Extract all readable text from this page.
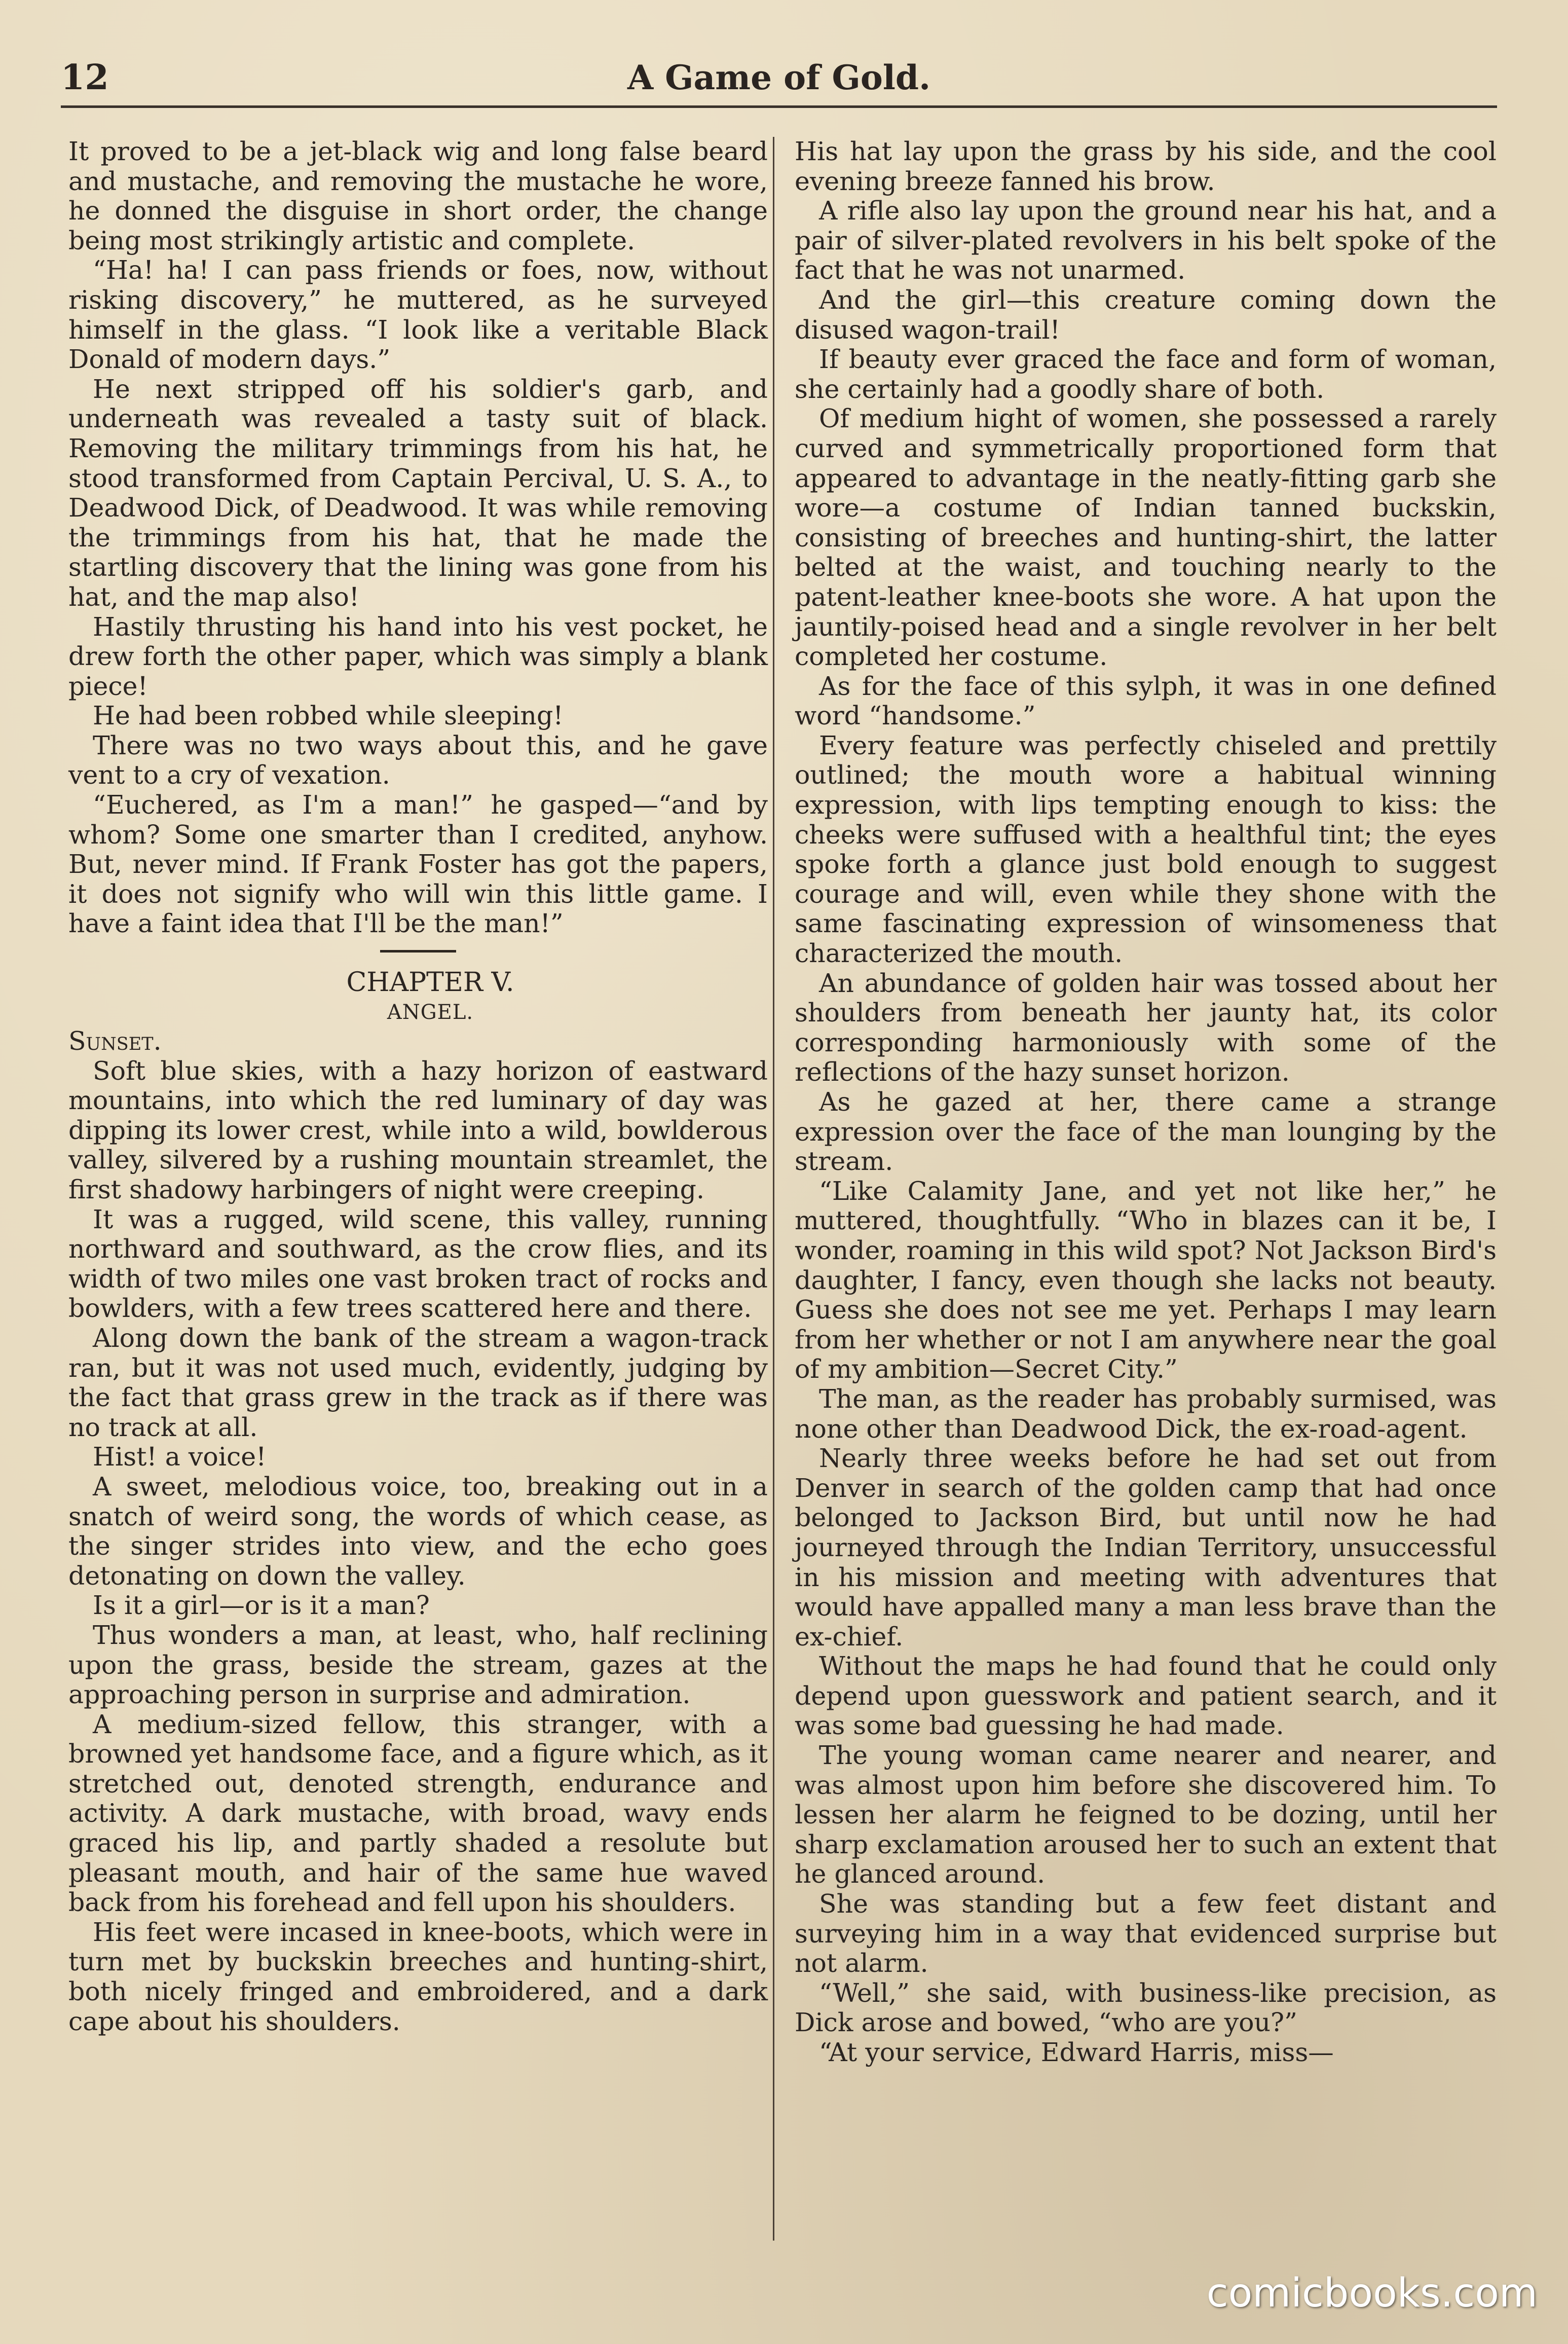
12	A Game of Gold.

It proved to be a jet-black wig and long false beard and mustache, and removing the mustache he wore, he donned the disguise in short order, the change being most strikingly artistic and complete.

“Ha! ha! I can pass friends or foes, now, without risking discovery,” he muttered, as he surveyed himself in the glass. “I look like a veritable Black Donald of modern days.”

He next stripped off his soldier's garb, and underneath was revealed a tasty suit of black. Removing the military trimmings from his hat, he stood transformed from Captain Percival, U. S. A., to Deadwood Dick, of Deadwood. It was while removing the trimmings from his hat, that he made the startling discovery that the lining was gone from his hat, and the map also!

Hastily thrusting his hand into his vest pocket, he drew forth the other paper, which was simply a blank piece!

He had been robbed while sleeping!

There was no two ways about this, and he gave vent to a cry of vexation.

“Euchered, as I'm a man!” he gasped—“and by whom? Some one smarter than I credited, anyhow. But, never mind. If Frank Foster has got the papers, it does not signify who will win this little game. I have a faint idea that I'll be the man!”

CHAPTER V.

ANGEL.

Sunset.

Soft blue skies, with a hazy horizon of eastward mountains, into which the red luminary of day was dipping its lower crest, while into a wild, bowlderous valley, silvered by a rushing mountain streamlet, the first shadowy harbingers of night were creeping.

It was a rugged, wild scene, this valley, running northward and southward, as the crow flies, and its width of two miles one vast broken tract of rocks and bowlders, with a few trees scattered here and there.

Along down the bank of the stream a wagon-track ran, but it was not used much, evidently, judging by the fact that grass grew in the track as if there was no track at all.

Hist! a voice!

A sweet, melodious voice, too, breaking out in a snatch of weird song, the words of which cease, as the singer strides into view, and the echo goes detonating on down the valley.

Is it a girl—or is it a man?

Thus wonders a man, at least, who, half reclining upon the grass, beside the stream, gazes at the approaching person in surprise and admiration.

A medium-sized fellow, this stranger, with a browned yet handsome face, and a figure which, as it stretched out, denoted strength, endurance and activity. A dark mustache, with broad, wavy ends graced his lip, and partly shaded a resolute but pleasant mouth, and hair of the same hue waved back from his forehead and fell upon his shoulders.

His feet were incased in knee-boots, which were in turn met by buckskin breeches and hunting-shirt, both nicely fringed and embroidered, and a dark cape about his shoulders.

His hat lay upon the grass by his side, and the cool evening breeze fanned his brow.

A rifle also lay upon the ground near his hat, and a pair of silver-plated revolvers in his belt spoke of the fact that he was not unarmed.

And the girl—this creature coming down the disused wagon-trail!

If beauty ever graced the face and form of woman, she certainly had a goodly share of both.

Of medium hight of women, she possessed a rarely curved and symmetrically proportioned form that appeared to advantage in the neatly-fitting garb she wore—a costume of Indian tanned buckskin, consisting of breeches and hunting-shirt, the latter belted at the waist, and touching nearly to the patent-leather knee-boots she wore. A hat upon the jauntily-poised head and a single revolver in her belt completed her costume.

As for the face of this sylph, it was in one defined word “handsome.”

Every feature was perfectly chiseled and prettily outlined; the mouth wore a habitual winning expression, with lips tempting enough to kiss: the cheeks were suffused with a healthful tint; the eyes spoke forth a glance just bold enough to suggest courage and will, even while they shone with the same fascinating expression of winsomeness that characterized the mouth.

An abundance of golden hair was tossed about her shoulders from beneath her jaunty hat, its color corresponding harmoniously with some of the reflections of the hazy sunset horizon.

As he gazed at her, there came a strange expression over the face of the man lounging by the stream.

“Like Calamity Jane, and yet not like her,” he muttered, thoughtfully. “Who in blazes can it be, I wonder, roaming in this wild spot? Not Jackson Bird's daughter, I fancy, even though she lacks not beauty. Guess she does not see me yet. Perhaps I may learn from her whether or not I am anywhere near the goal of my ambition—Secret City.”

The man, as the reader has probably surmised, was none other than Deadwood Dick, the ex-road-agent.

Nearly three weeks before he had set out from Denver in search of the golden camp that had once belonged to Jackson Bird, but until now he had journeyed through the Indian Territory, unsuccessful in his mission and meeting with adventures that would have appalled many a man less brave than the ex-chief.

Without the maps he had found that he could only depend upon guesswork and patient search, and it was some bad guessing he had made.

The young woman came nearer and nearer, and was almost upon him before she discovered him. To lessen her alarm he feigned to be dozing, until her sharp exclamation aroused her to such an extent that he glanced around.

She was standing but a few feet distant and surveying him in a way that evidenced surprise but not alarm.

“Well,” she said, with business-like precision, as Dick arose and bowed, “who are you?”

“At your service, Edward Harris, miss—

comicbooks.com
